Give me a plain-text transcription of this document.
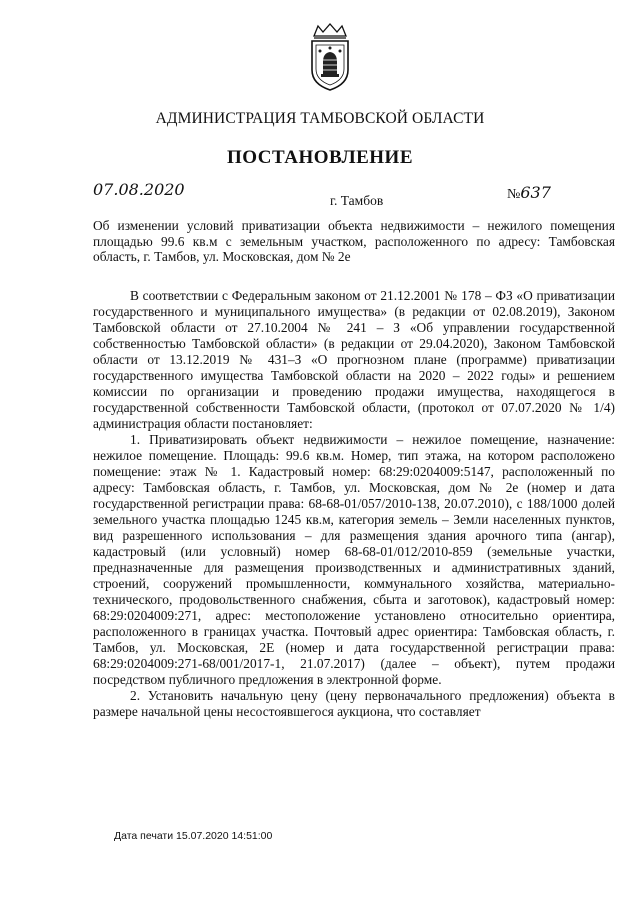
АДМИНИСТРАЦИЯ ТАМБОВСКОЙ ОБЛАСТИ
ПОСТАНОВЛЕНИЕ
07.08.2020
г. Тамбов	№637
Об изменении условий приватизации объекта недвижимости – нежилого помещения площадью 99.6 кв.м с земельным участком, расположенного по адресу: Тамбовская область, г. Тамбов, ул. Московская, дом № 2е

В соответствии с Федеральным законом от 21.12.2001 № 178 – ФЗ «О приватизации государственного и муниципального имущества» (в редакции от 02.08.2019), Законом Тамбовской области от 27.10.2004 № 241 – З «Об управлении государственной собственностью Тамбовской области» (в редакции от 29.04.2020), Законом Тамбовской области от 13.12.2019 № 431–З «О прогнозном плане (программе) приватизации государственного имущества Тамбовской области на 2020 – 2022 годы» и решением комиссии по организации и проведению продажи имущества, находящегося в государственной собственности Тамбовской области, (протокол от 07.07.2020 № 1/4) администрация области постановляет:

1. Приватизировать объект недвижимости – нежилое помещение, назначение: нежилое помещение. Площадь: 99.6 кв.м. Номер, тип этажа, на котором расположено помещение: этаж № 1. Кадастровый номер: 68:29:0204009:5147, расположенный по адресу: Тамбовская область, г. Тамбов, ул. Московская, дом № 2е (номер и дата государственной регистрации права: 68-68-01/057/2010-138, 20.07.2010), с 188/1000 долей земельного участка площадью 1245 кв.м, категория земель – Земли населенных пунктов, вид разрешенного использования – для размещения здания арочного типа (ангар), кадастровый (или условный) номер 68-68-01/012/2010-859 (земельные участки, предназначенные для размещения производственных и административных зданий, строений, сооружений промышленности, коммунального хозяйства, материально-технического, продовольственного снабжения, сбыта и заготовок), кадастровый номер: 68:29:0204009:271, адрес: местоположение установлено относительно ориентира, расположенного в границах участка. Почтовый адрес ориентира: Тамбовская область, г. Тамбов, ул. Московская, 2Е (номер и дата государственной регистрации права: 68:29:0204009:271-68/001/2017-1, 21.07.2017) (далее – объект), путем продажи посредством публичного предложения в электронной форме.

2. Установить начальную цену (цену первоначального предложения) объекта в размере начальной цены несостоявшегося аукциона, что составляет

Дата печати 15.07.2020 14:51:00
